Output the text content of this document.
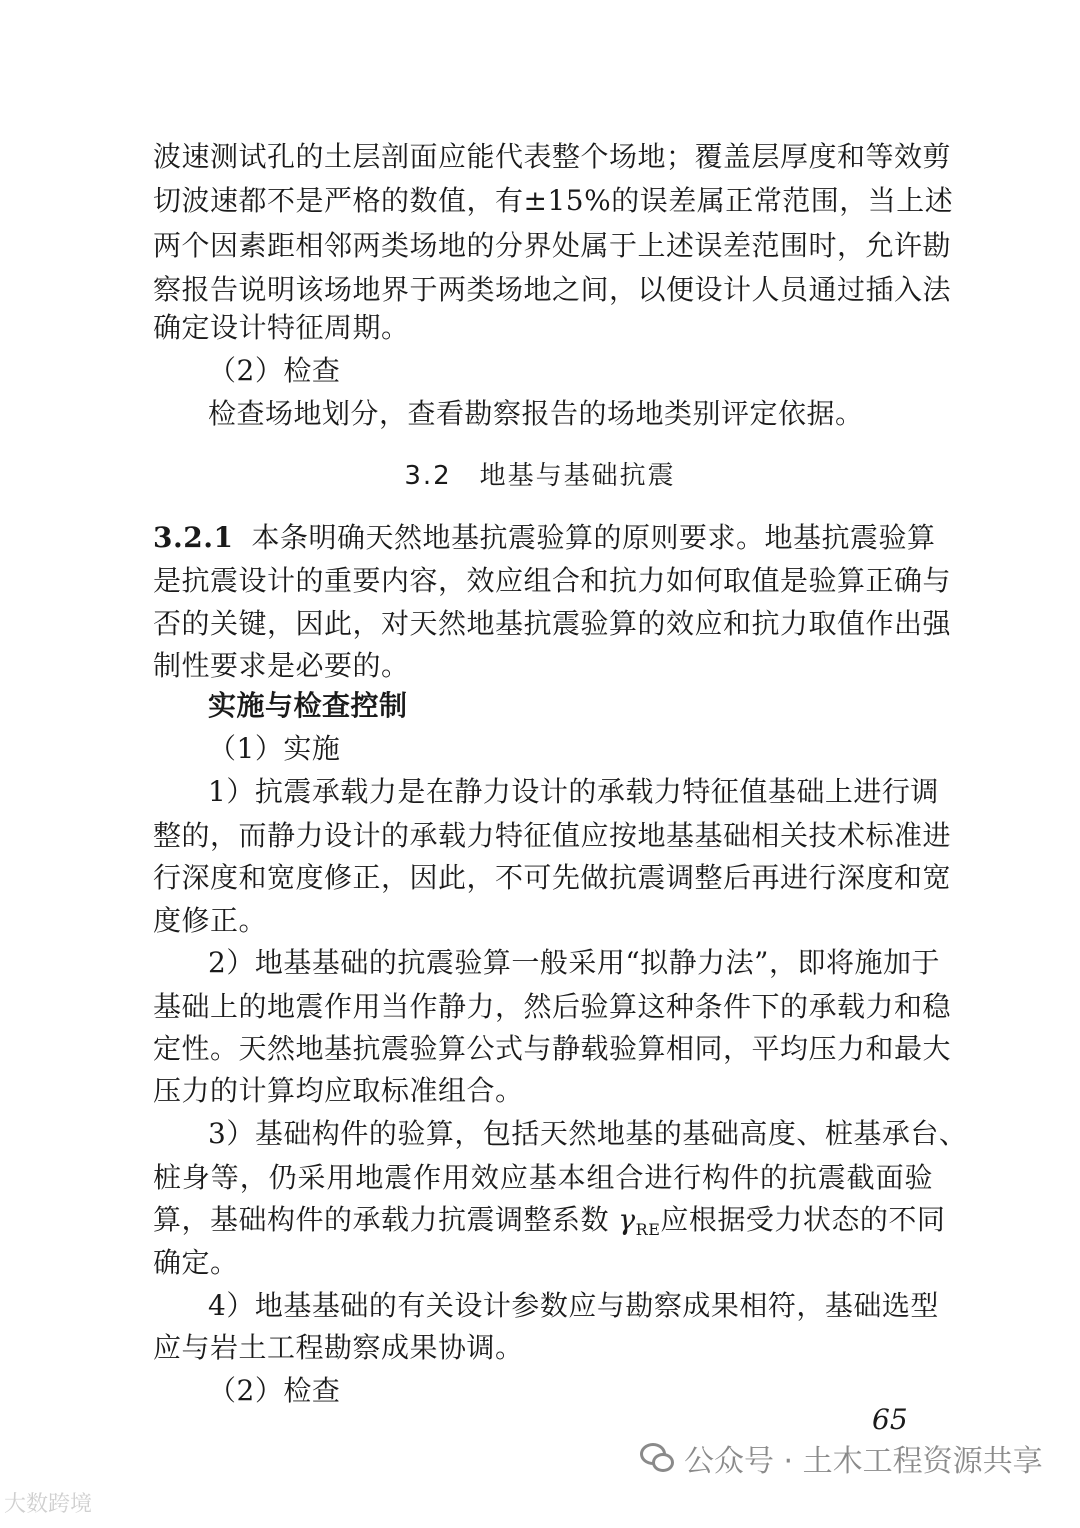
波速测试孔的土层剖面应能代表整个场地；覆盖层厚度和等效剪
切波速都不是严格的数值，有±15%的误差属正常范围，当上述
两个因素距相邻两类场地的分界处属于上述误差范围时，允许勘
察报告说明该场地界于两类场地之间，以便设计人员通过插入法
确定设计特征周期。
（2）检查
检查场地划分，查看勘察报告的场地类别评定依据。
3.2 地基与基础抗震
3.2.1 本条明确天然地基抗震验算的原则要求。地基抗震验算
是抗震设计的重要内容，效应组合和抗力如何取值是验算正确与
否的关键，因此，对天然地基抗震验算的效应和抗力取值作出强
制性要求是必要的。
实施与检查控制
（1）实施
1）抗震承载力是在静力设计的承载力特征值基础上进行调
整的，而静力设计的承载力特征值应按地基基础相关技术标准进
行深度和宽度修正，因此，不可先做抗震调整后再进行深度和宽
度修正。
2）地基基础的抗震验算一般采用“拟静力法”，即将施加于
基础上的地震作用当作静力，然后验算这种条件下的承载力和稳
定性。天然地基抗震验算公式与静载验算相同，平均压力和最大
压力的计算均应取标准组合。
3）基础构件的验算，包括天然地基的基础高度、桩基承台、
桩身等，仍采用地震作用效应基本组合进行构件的抗震截面验
算，基础构件的承载力抗震调整系数 $\gamma_{RE}$应根据受力状态的不同
确定。
4）地基基础的有关设计参数应与勘察成果相符，基础选型
应与岩土工程勘察成果协调。
（2）检查
65
大数跨境
公众号 · 土木工程资源共享
